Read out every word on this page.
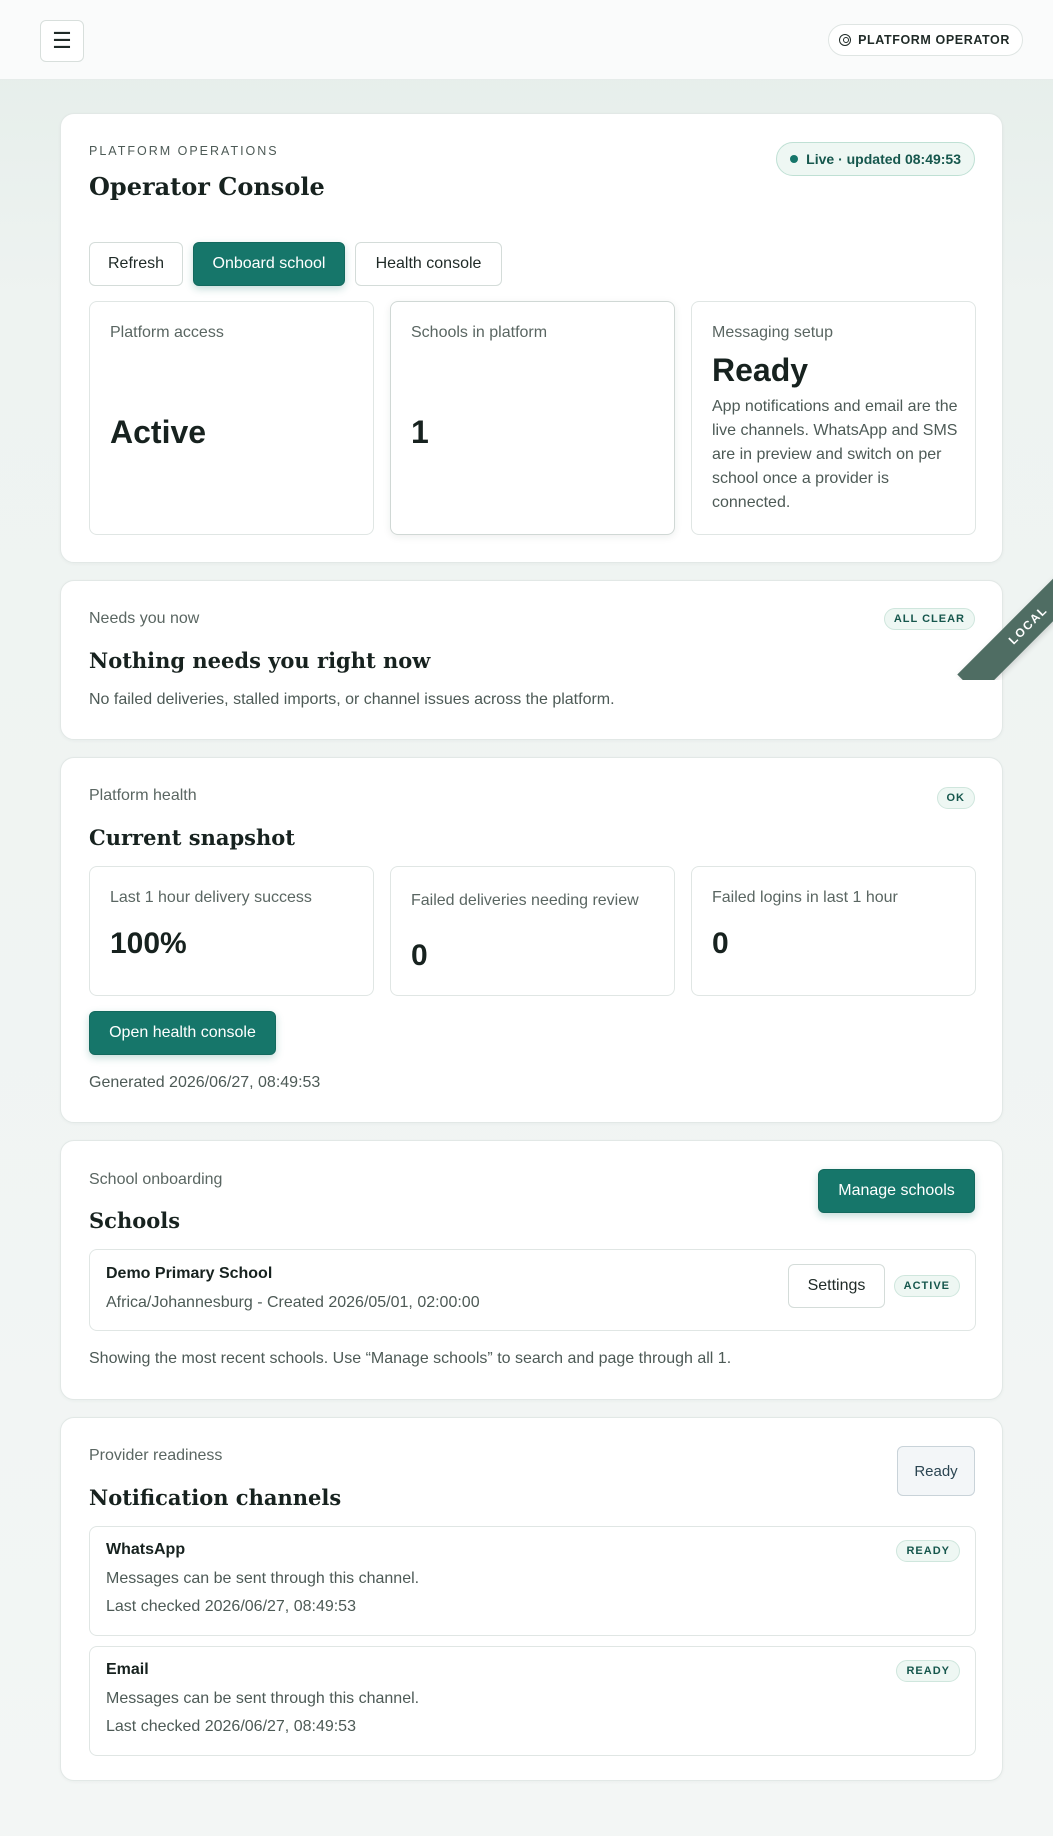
☰	PLATFORM OPERATOR
PLATFORM OPERATIONS
Operator Console
Live · updated 08:49:53
Refresh	Onboard school	Health console
Platform access
Active
Schools in platform
1
Messaging setup
Ready
App notifications and email are the live channels. WhatsApp and SMS are in preview and switch on per school once a provider is connected.
Needs you now	ALL CLEAR
Nothing needs you right now
No failed deliveries, stalled imports, or channel issues across the platform.
LOCAL
Platform health	OK
Current snapshot
Last 1 hour delivery success
100%
Failed deliveries needing review
0
Failed logins in last 1 hour
0
Open health console
Generated 2026/06/27, 08:49:53
School onboarding
Manage schools
Schools
Demo Primary School
Africa/Johannesburg - Created 2026/05/01, 02:00:00
Settings	ACTIVE
Showing the most recent schools. Use “Manage schools” to search and page through all 1.
Provider readiness
Ready
Notification channels
WhatsApp	READY
Messages can be sent through this channel.
Last checked 2026/06/27, 08:49:53
Email	READY
Messages can be sent through this channel.
Last checked 2026/06/27, 08:49:53
